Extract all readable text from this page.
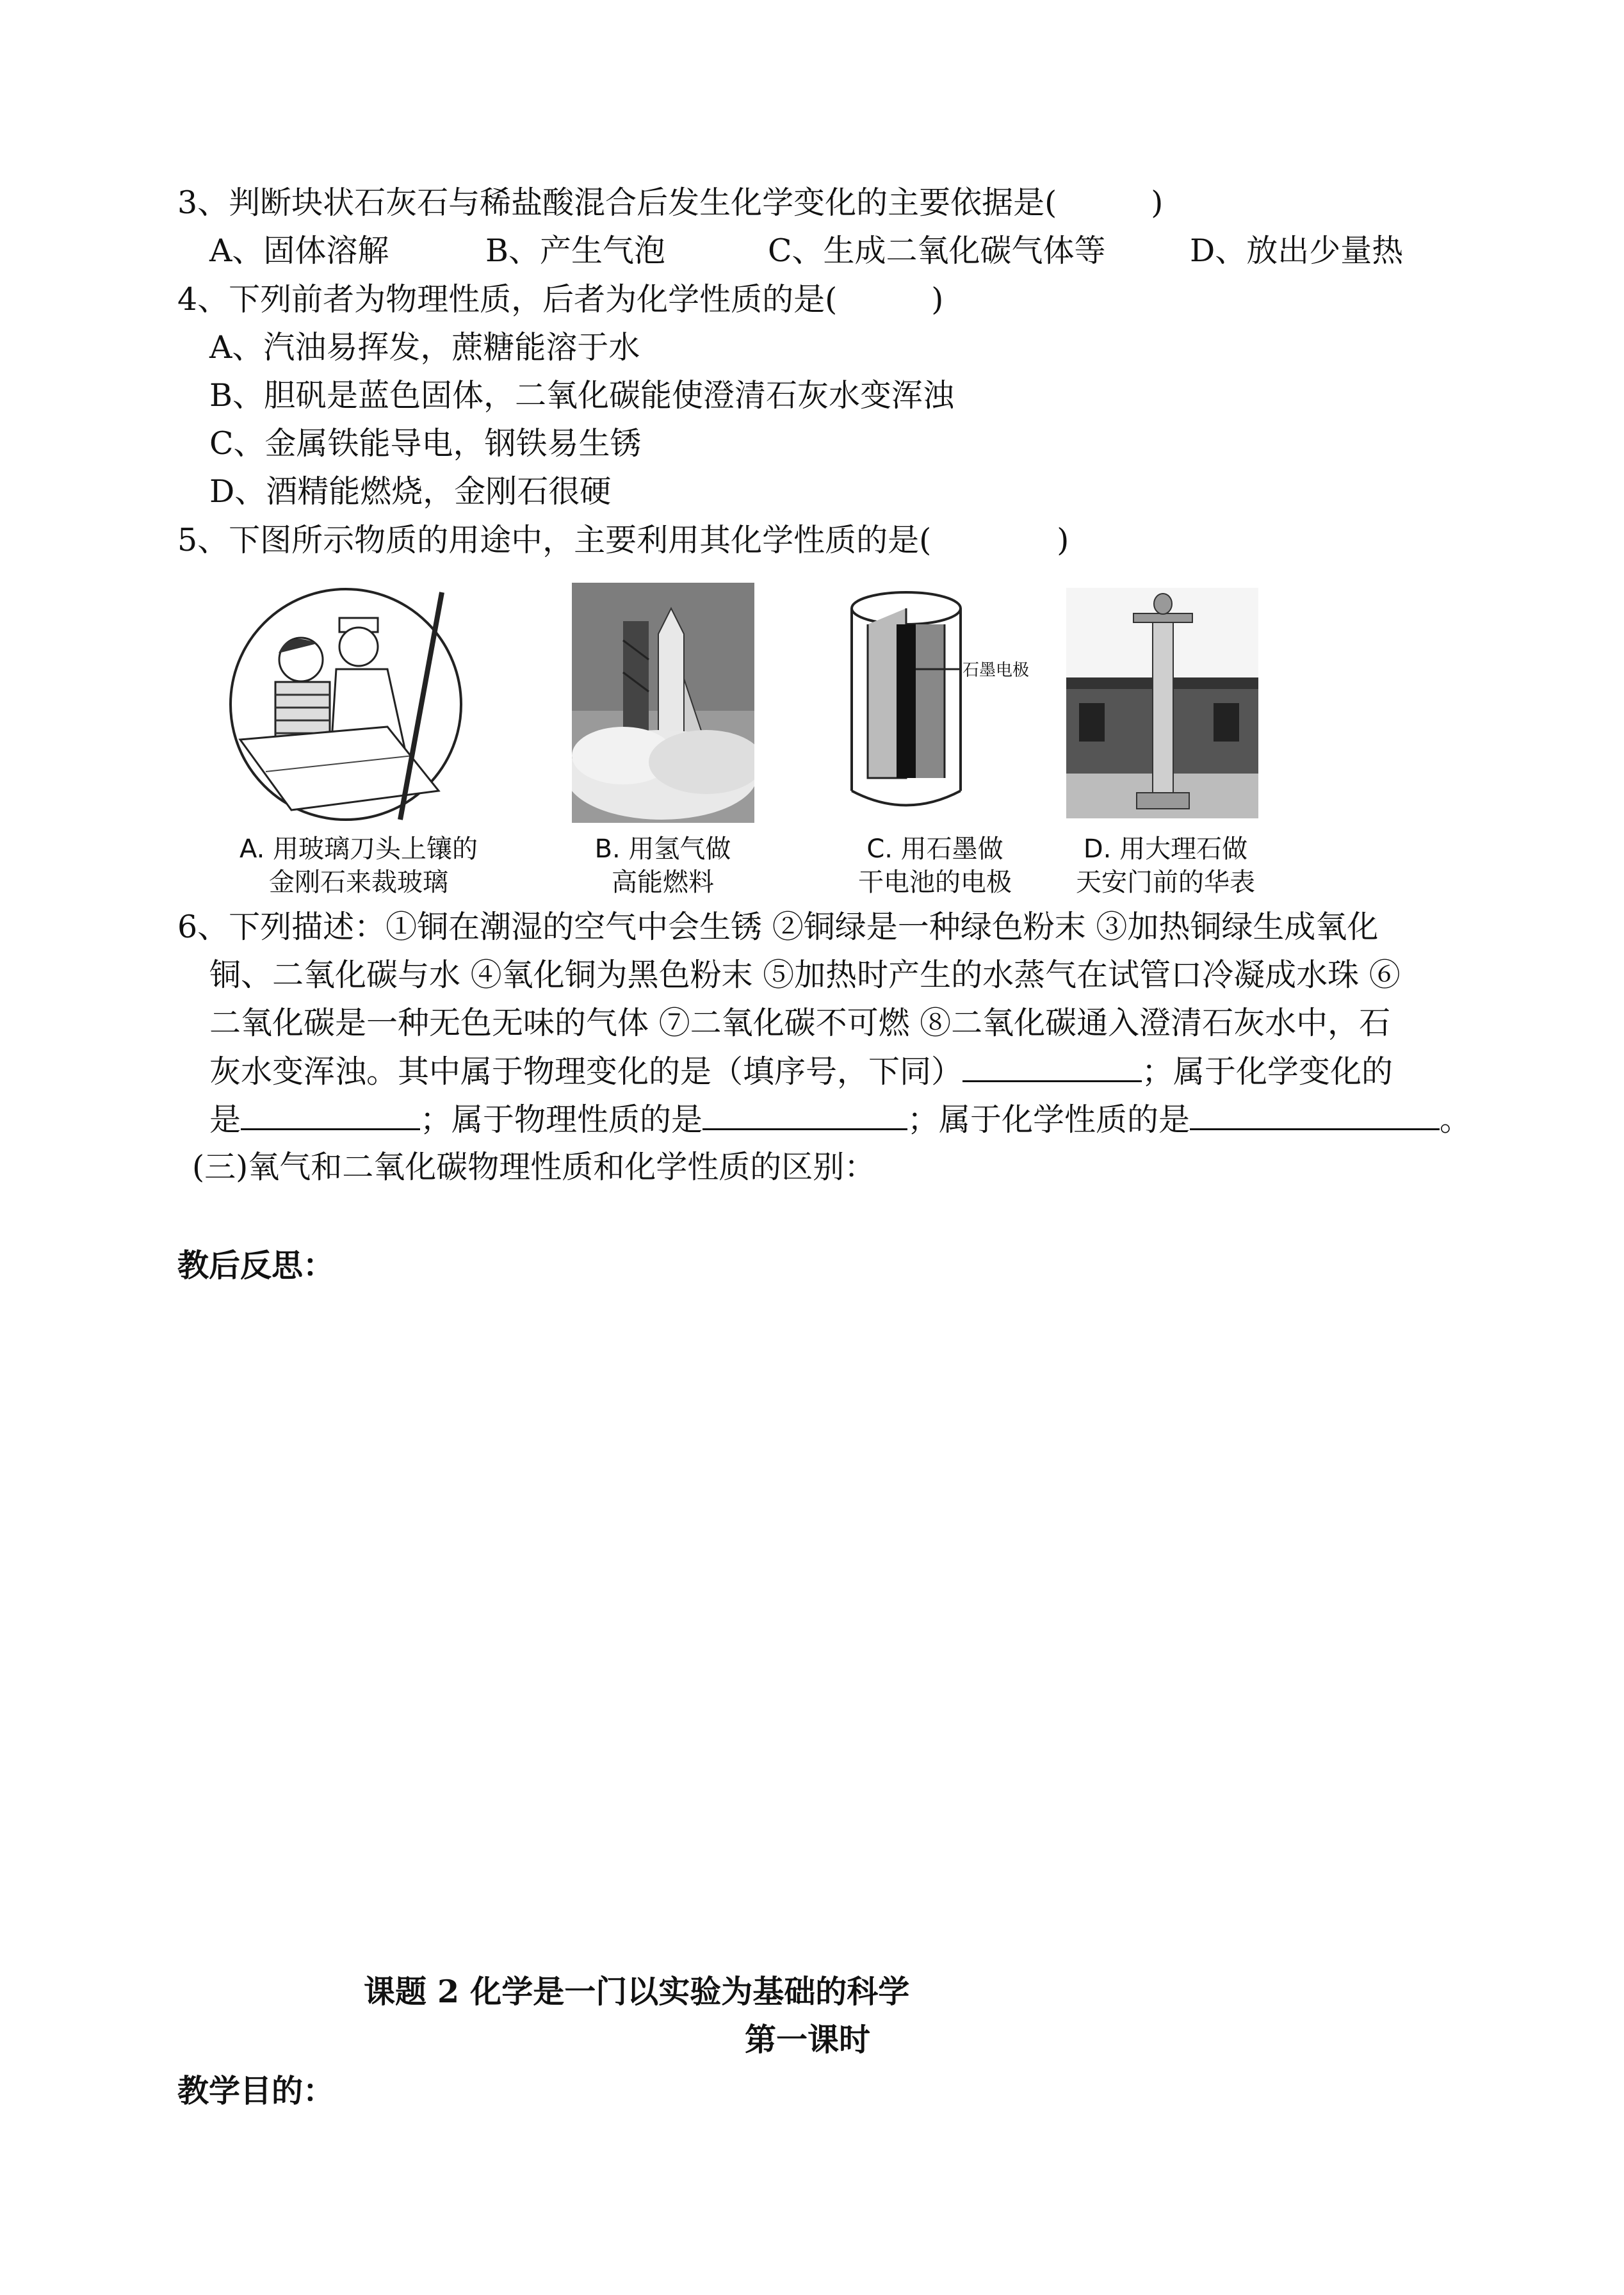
3、判断块状石灰石与稀盐酸混合后发生化学变化的主要依据是(　　　)
A、固体溶解	B、产生气泡	C、生成二氧化碳气体等	D、放出少量热
4、下列前者为物理性质，后者为化学性质的是(　　　)
A、汽油易挥发，蔗糖能溶于水
B、胆矾是蓝色固体，二氧化碳能使澄清石灰水变浑浊
C、金属铁能导电，钢铁易生锈
D、酒精能燃烧，金刚石很硬
5、下图所示物质的用途中，主要利用其化学性质的是(　　　　)
A. 用玻璃刀头上镶的
金刚石来裁玻璃
B. 用氢气做
高能燃料
石墨电极
C. 用石墨做
干电池的电极
D. 用大理石做
天安门前的华表
6、下列描述：①铜在潮湿的空气中会生锈 ②铜绿是一种绿色粉末 ③加热铜绿生成氧化
铜、二氧化碳与水 ④氧化铜为黑色粉末 ⑤加热时产生的水蒸气在试管口冷凝成水珠 ⑥
二氧化碳是一种无色无味的气体 ⑦二氧化碳不可燃 ⑧二氧化碳通入澄清石灰水中，石
灰水变浑浊。其中属于物理变化的是（填序号，下同）	；属于化学变化的
是	；属于物理性质的是	；属于化学性质的是	。
(三)氧气和二氧化碳物理性质和化学性质的区别：
教后反思：
课题 2 化学是一门以实验为基础的科学
第一课时
教学目的：
